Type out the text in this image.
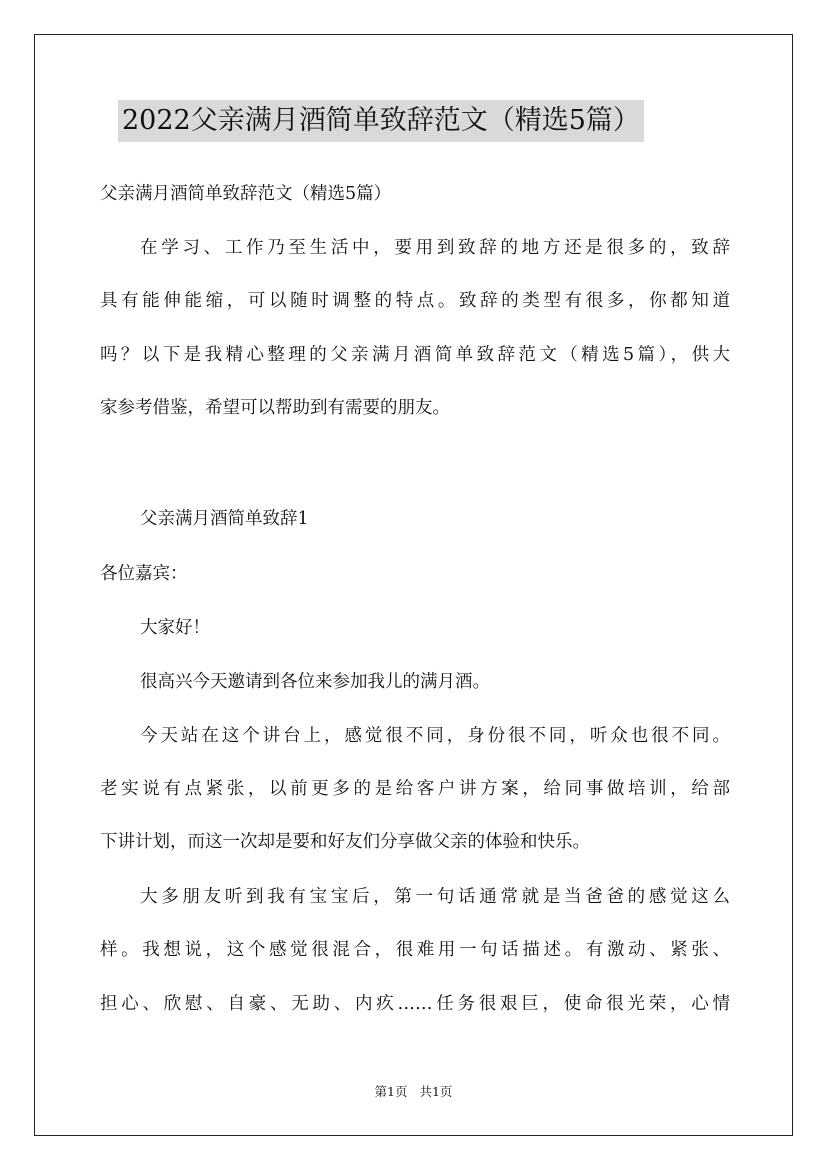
2022父亲满月酒简单致辞范文（精选5篇）

父亲满月酒简单致辞范文（精选5篇）

在学习、工作乃至生活中，要用到致辞的地方还是很多的，致辞

具有能伸能缩，可以随时调整的特点。致辞的类型有很多，你都知道

吗？以下是我精心整理的父亲满月酒简单致辞范文（精选5篇），供大

家参考借鉴，希望可以帮助到有需要的朋友。

父亲满月酒简单致辞1

各位嘉宾：

大家好！

很高兴今天邀请到各位来参加我儿的满月酒。

今天站在这个讲台上，感觉很不同，身份很不同，听众也很不同。

老实说有点紧张，以前更多的是给客户讲方案，给同事做培训，给部

下讲计划，而这一次却是要和好友们分享做父亲的体验和快乐。

大多朋友听到我有宝宝后，第一句话通常就是当爸爸的感觉这么

样。我想说，这个感觉很混合，很难用一句话描述。有激动、紧张、

担心、欣慰、自豪、无助、内疚……任务很艰巨，使命很光荣，心情

第1页 共1页
